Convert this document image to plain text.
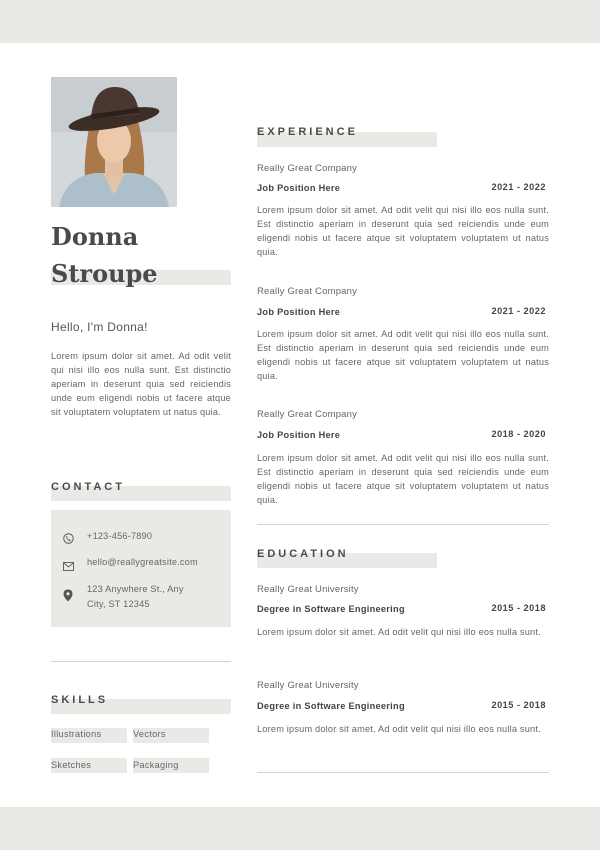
Donna
Stroupe
Hello, I'm Donna!
Lorem ipsum dolor sit amet. Ad odit velit qui nisi illo eos nulla sunt. Est distinctio aperiam in deserunt quia sed reiciendis unde eum eligendi nobis ut facere atque sit voluptatem voluptatem ut natus quia.
CONTACT
+123-456-7890
hello@reallygreatsite.com
123 Anywhere St., Any
City, ST 12345
SKILLS
Illustrations	Vectors
Sketches	Packaging
EXPERIENCE
Really Great Company
Job Position Here	2021 - 2022
Lorem ipsum dolor sit amet. Ad odit velit qui nisi illo eos nulla sunt. Est distinctio aperiam in deserunt quia sed reiciendis unde eum eligendi nobis ut facere atque sit voluptatem voluptatem ut natus quia.
Really Great Company
Job Position Here	2021 - 2022
Lorem ipsum dolor sit amet. Ad odit velit qui nisi illo eos nulla sunt. Est distinctio aperiam in deserunt quia sed reiciendis unde eum eligendi nobis ut facere atque sit voluptatem voluptatem ut natus quia.
Really Great Company
Job Position Here	2018 - 2020
Lorem ipsum dolor sit amet. Ad odit velit qui nisi illo eos nulla sunt. Est distinctio aperiam in deserunt quia sed reiciendis unde eum eligendi nobis ut facere atque sit voluptatem voluptatem ut natus quia.
EDUCATION
Really Great University
Degree in Software Engineering	2015 - 2018
Lorem ipsum dolor sit amet. Ad odit velit qui nisi illo eos nulla sunt.
Really Great University
Degree in Software Engineering	2015 - 2018
Lorem ipsum dolor sit amet. Ad odit velit qui nisi illo eos nulla sunt.
